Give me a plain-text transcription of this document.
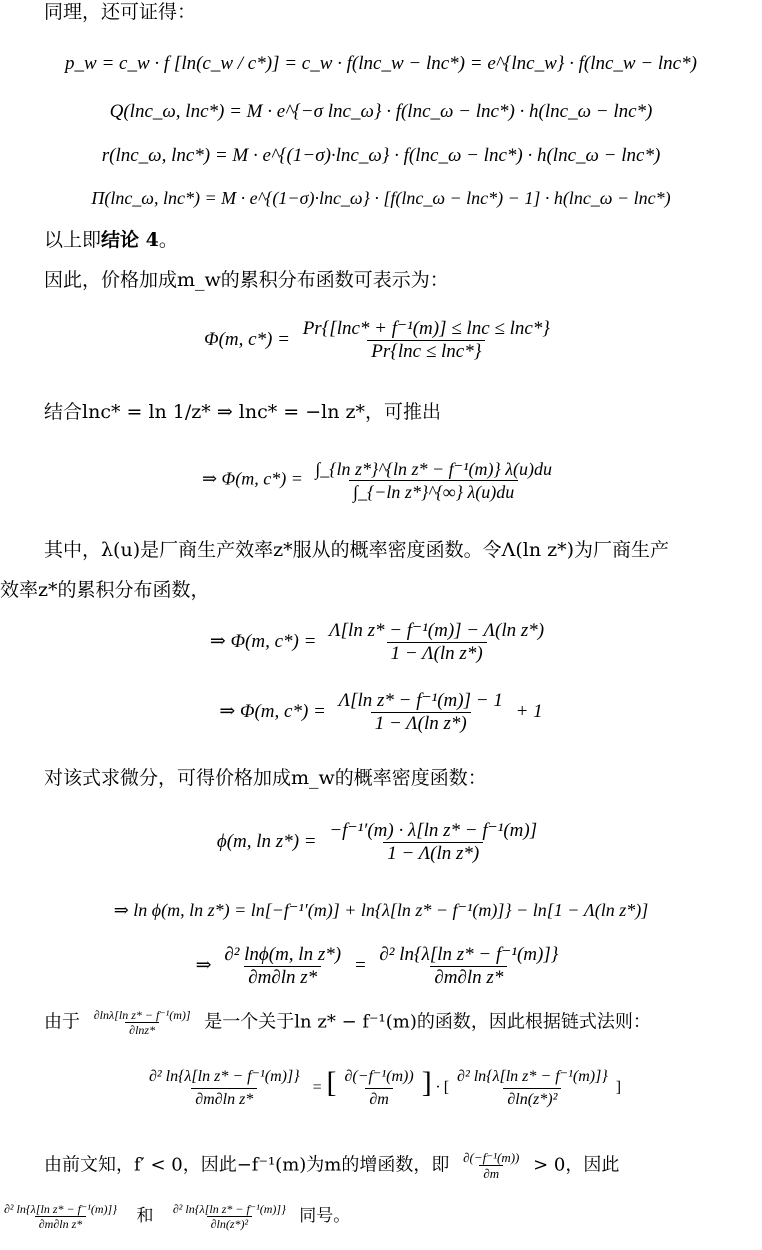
同理，还可证得：
p_w = c_w · f [ln(c_w / c*)] = c_w · f(lnc_w − lnc*) = e^{lnc_w} · f(lnc_w − lnc*)
Q(lnc_ω, lnc*) = M · e^{−σ lnc_ω} · f(lnc_ω − lnc*) · h(lnc_ω − lnc*)
r(lnc_ω, lnc*) = M · e^{(1−σ)·lnc_ω} · f(lnc_ω − lnc*) · h(lnc_ω − lnc*)
Π(lnc_ω, lnc*) = M · e^{(1−σ)·lnc_ω} · [f(lnc_ω − lnc*) − 1] · h(lnc_ω − lnc*)
以上即结论 4。
因此，价格加成m_w的累积分布函数可表示为：
Φ(m, $c*) = \frac{\text{Pr\{[lnc* + f⁻¹(m)] ≤ lnc ≤ lnc*\}}}{Pr\{\ln c \le \ln c*\}}$
结合lnc* = ln 1/z* ⇒ lnc* = −ln z*，可推出
⇒ Φ(m, $c*) = \frac{\text{∫\_\{ln z*\}\textasciicircum{}\{ln z* − f⁻¹(m)\} λ(u)du}}{\text{∫\_\{−ln z*\}\textasciicircum{}\{∞\} λ(u)du}}$
其中，λ(u)是厂商生产效率z*服从的概率密度函数。令Λ(ln z*)为厂商生产
效率z*的累积分布函数，
⇒ Φ(m, $c*) = \frac{\text{Λ[ln z* − f⁻¹(m)] − Λ(ln z*)}}{\text{1 − Λ(ln z*)}}$
⇒ Φ(m, $c*) = \frac{\text{Λ[ln z* − f⁻¹(m)] − 1}}{\text{1 − Λ(ln z*)}} + 1$
对该式求微分，可得价格加成m_w的概率密度函数：
ϕ(m, $\ln z*) = \frac{\text{−f⁻¹′(m) · λ[ln z* − f⁻¹(m)]}}{\text{1 − Λ(ln z*)}}$
⇒ ln ϕ(m, ln z*) = ln[−f⁻¹′(m)] + ln{λ[ln z* − f⁻¹(m)]} − ln[1 − Λ(ln z*)]
⇒ $\frac{\text{∂² lnϕ(m, ln z*)}}{\text{∂m∂ln z*}} = \frac{\text{∂² ln\{λ[ln z* − f⁻¹(m)]\}}}{\text{∂m∂ln z*}}$
由于 $\frac{\text{∂lnλ[ln z* − f⁻¹(m)]}}{\partial\ln z*}$ 是一个关于ln z* − f⁻¹(m)的函数，因此根据链式法则：
$\frac{\text{∂² ln\{λ[ln z* − f⁻¹(m)]\}}}{\text{∂m∂ln z*}}$ = [ $\frac{\text{∂(−f⁻¹(m))}}{\partial m}$ ] · [ $\frac{\text{∂² ln\{λ[ln z* − f⁻¹(m)]\}}}{\text{∂ln(z*)²}}$ ]
由前文知，f′ < 0，因此−f⁻¹(m)为m的增函数，即 $\frac{\text{∂(−f⁻¹(m))}}{\partial m} > 0$，因此
$\frac{\text{∂² ln\{λ[ln z* − f⁻¹(m)]\}}}{\text{∂m∂ln z*}}$ 和 $\frac{\text{∂² ln\{λ[ln z* − f⁻¹(m)]\}}}{\text{∂ln(z*)²}}$ 同号。
